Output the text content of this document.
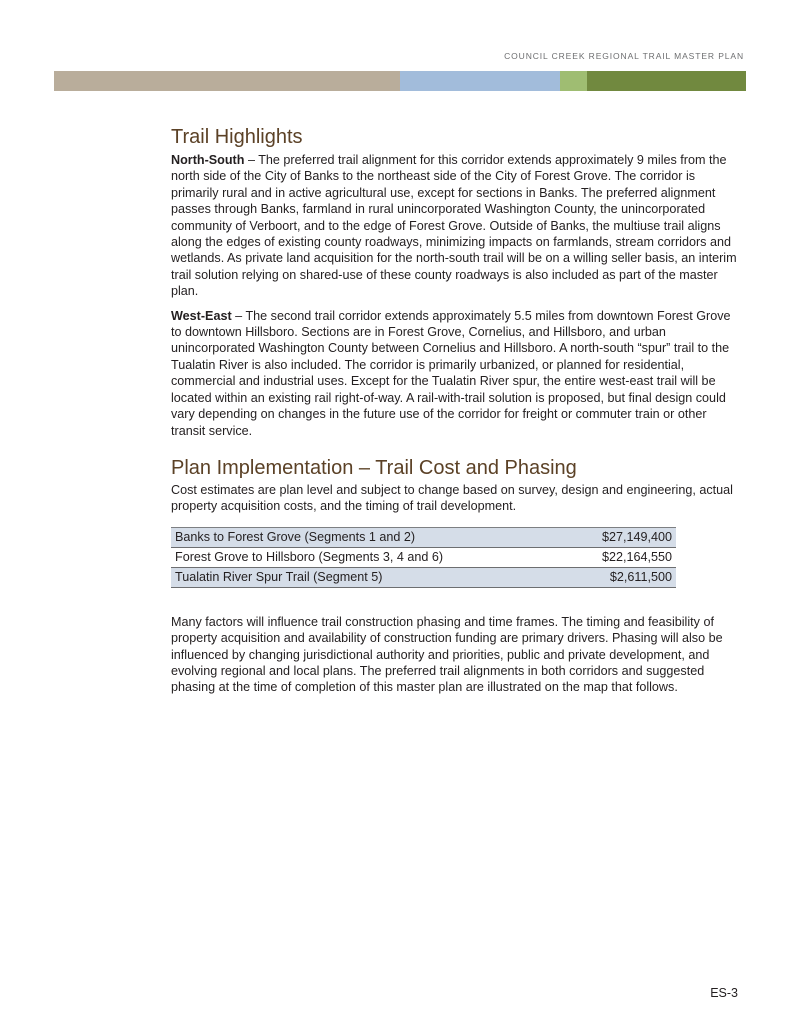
COUNCIL CREEK REGIONAL TRAIL MASTER PLAN
Trail Highlights

North-South – The preferred trail alignment for this corridor extends approximately 9 miles from the north side of the City of Banks to the northeast side of the City of Forest Grove. The corridor is primarily rural and in active agricultural use, except for sections in Banks. The preferred alignment passes through Banks, farmland in rural unincorporated Washington County, the unincorporated community of Verboort, and to the edge of Forest Grove. Outside of Banks, the multiuse trail aligns along the edges of existing county roadways, minimizing impacts on farmlands, stream corridors and wetlands. As private land acquisition for the north-south trail will be on a willing seller basis, an interim trail solution relying on shared-use of these county roadways is also included as part of the master plan.

West-East – The second trail corridor extends approximately 5.5 miles from downtown Forest Grove to downtown Hillsboro. Sections are in Forest Grove, Cornelius, and Hillsboro, and urban unincorporated Washington County between Cornelius and Hillsboro. A north-south “spur” trail to the Tualatin River is also included. The corridor is primarily urbanized, or planned for residential, commercial and industrial uses. Except for the Tualatin River spur, the entire west-east trail will be located within an existing rail right-of-way. A rail-with-trail solution is proposed, but final design could vary depending on changes in the future use of the corridor for freight or commuter train or other transit service.

Plan Implementation – Trail Cost and Phasing

Cost estimates are plan level and subject to change based on survey, design and engineering, actual property acquisition costs, and the timing of trail development.

Banks to Forest Grove (Segments 1 and 2)	$27,149,400
Forest Grove to Hillsboro (Segments 3, 4 and 6)	$22,164,550
Tualatin River Spur Trail (Segment 5)	$2,611,500

Many factors will influence trail construction phasing and time frames. The timing and feasibility of property acquisition and availability of construction funding are primary drivers. Phasing will also be influenced by changing jurisdictional authority and priorities, public and private development, and evolving regional and local plans. The preferred trail alignments in both corridors and suggested phasing at the time of completion of this master plan are illustrated on the map that follows.

ES-3
